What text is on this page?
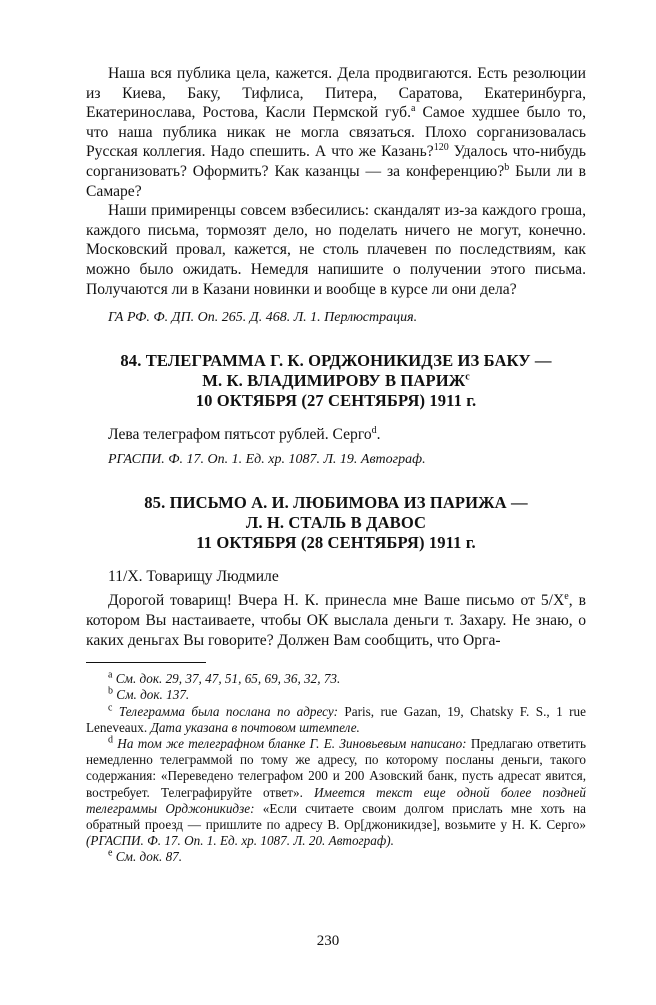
Наша вся публика цела, кажется. Дела продвигаются. Есть резолюции из Киева, Баку, Тифлиса, Питера, Саратова, Екатеринбурга, Екатеринослава, Ростова, Касли Пермской губ.$^a$ Самое худшее было то, что наша публика никак не могла связаться. Плохо сорганизовалась Русская коллегия. Надо спешить. А что же Казань?$^{120}$ Удалось что-нибудь сорганизовать? Оформить? Как казанцы — за конференцию?$^b$ Были ли в Самаре?

Наши примиренцы совсем взбесились: скандалят из-за каждого гроша, каждого письма, тормозят дело, но поделать ничего не могут, конечно. Московский провал, кажется, не столь плачевен по последствиям, как можно было ожидать. Немедля напишите о получении этого письма. Получаются ли в Казани новинки и вообще в курсе ли они дела?

ГА РФ. Ф. ДП. Оп. 265. Д. 468. Л. 1. Перлюстрация.

84. ТЕЛЕГРАММА Г. К. ОРДЖОНИКИДЗЕ ИЗ БАКУ —
М. К. ВЛАДИМИРОВУ В ПАРИЖ$^c$
10 ОКТЯБРЯ (27 СЕНТЯБРЯ) 1911 г.

Лева телеграфом пятьсот рублей. Серго$^d$.

РГАСПИ. Ф. 17. Оп. 1. Ед. хр. 1087. Л. 19. Автограф.

85. ПИСЬМО А. И. ЛЮБИМОВА ИЗ ПАРИЖА —
Л. Н. СТАЛЬ В ДАВОС
11 ОКТЯБРЯ (28 СЕНТЯБРЯ) 1911 г.

11/X. Товарищу Людмиле

Дорогой товарищ! Вчера Н. К. принесла мне Ваше письмо от 5/Xe, в котором Вы настаиваете, чтобы ОК выслала деньги т. Захару. Не знаю, о каких деньгах Вы говорите? Должен Вам сообщить, что Орга-

$^a$ См. док. 29, 37, 47, 51, 65, 69, 36, 32, 73.

$^b$ См. док. 137.

$^c$ Телеграмма была послана по адресу: Paris, rue Gazan, 19, Chatsky F. S., 1 rue Leneveaux. Дата указана в почтовом штемпеле.

$^d$ На том же телеграфном бланке Г. Е. Зиновьевым написано: Предлагаю ответить немедленно телеграммой по тому же адресу, по которому посланы деньги, такого содержания: «Переведено телеграфом 200 и 200 Азовский банк, пусть адресат явится, востребует. Телеграфируйте ответ». Имеется текст еще одной более поздней телеграммы Орджоникидзе: «Если считаете своим долгом прислать мне хоть на обратный проезд — пришлите по адресу В. Ор[джоникидзе], возьмите у Н. К. Серго» (РГАСПИ. Ф. 17. Оп. 1. Ед. хр. 1087. Л. 20. Автограф).

$^e$ См. док. 87.

230
